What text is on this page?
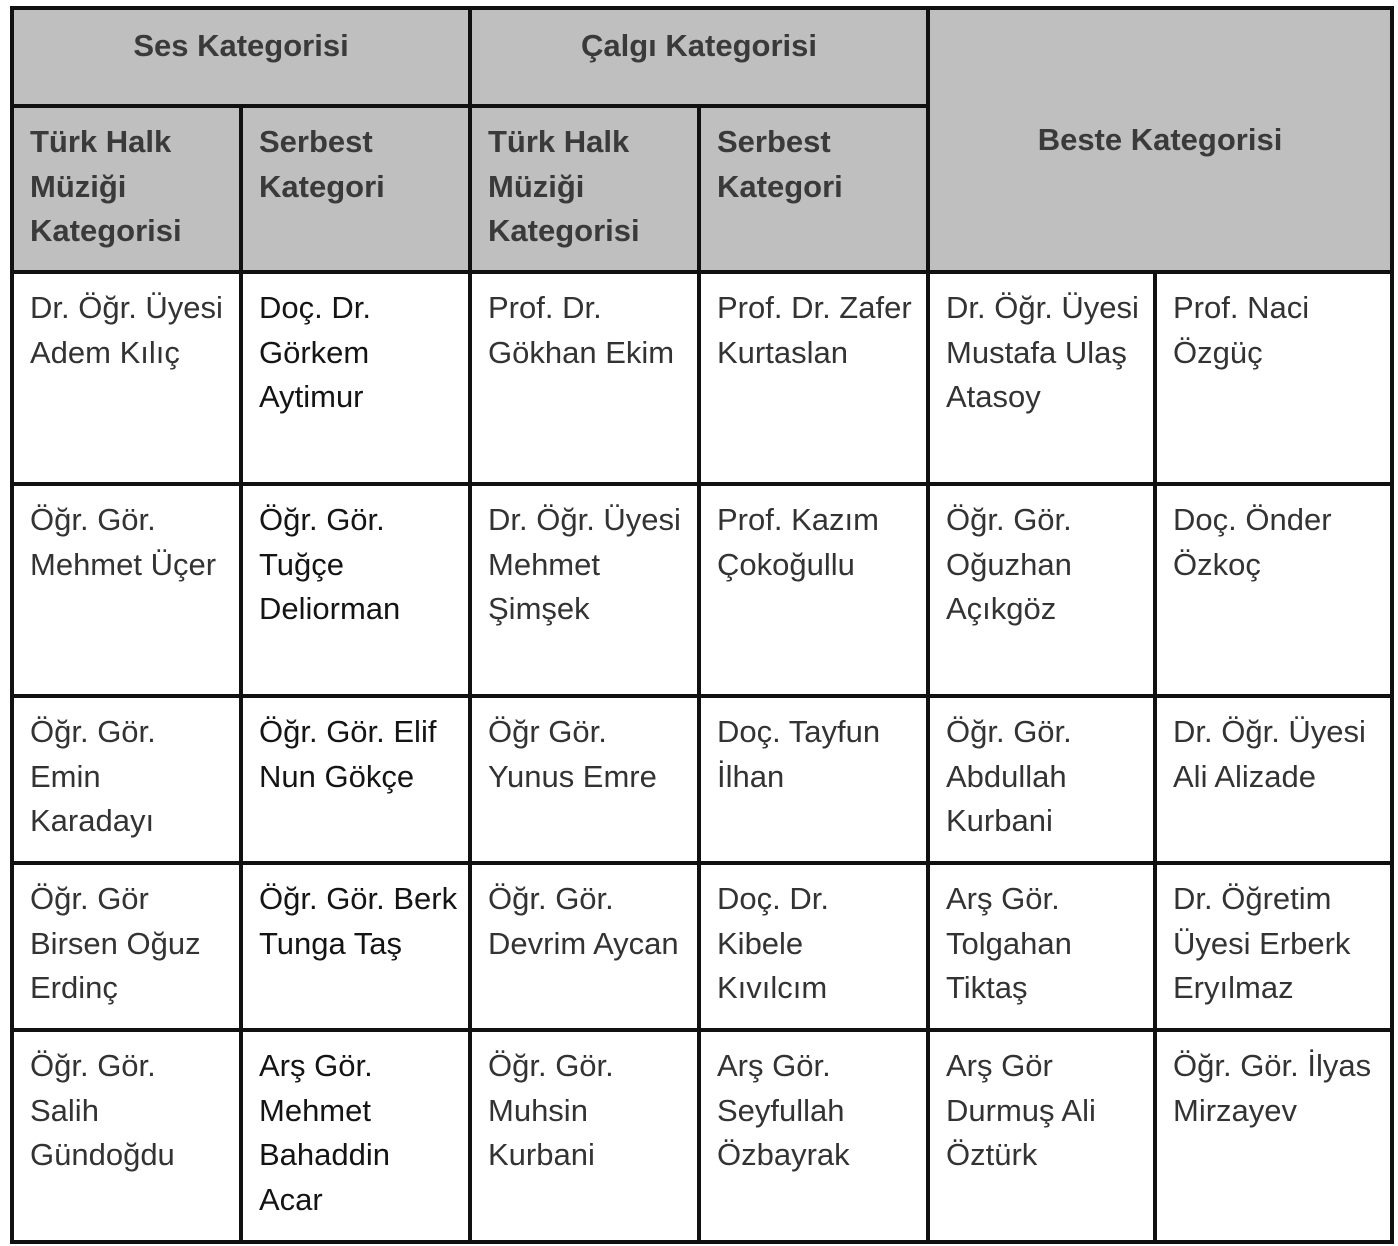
Ses Kategorisi		Çalgı Kategorisi		Beste Kategorisi	
Türk Halk Müziği Kategorisi	Serbest Kategori	Türk Halk Müziği Kategorisi	Serbest Kategori		
Dr. Öğr. Üyesi Adem Kılıç	Doç. Dr. Görkem Aytimur	Prof. Dr. Gökhan Ekim	Prof. Dr. Zafer Kurtaslan	Dr. Öğr. Üyesi Mustafa Ulaş Atasoy	Prof. Naci Özgüç
Öğr. Gör. Mehmet Üçer	Öğr. Gör. Tuğçe Deliorman	Dr. Öğr. Üyesi Mehmet Şimşek	Prof. Kazım Çokoğullu	Öğr. Gör. Oğuzhan Açıkgöz	Doç. Önder Özkoç
Öğr. Gör. Emin Karadayı	Öğr. Gör. Elif Nun Gökçe	Öğr Gör. Yunus Emre	Doç. Tayfun İlhan	Öğr. Gör. Abdullah Kurbani	Dr. Öğr. Üyesi Ali Alizade
Öğr. Gör Birsen Oğuz Erdinç	Öğr. Gör. Berk Tunga Taş	Öğr. Gör. Devrim Aycan	Doç. Dr. Kibele Kıvılcım	Arş Gör. Tolgahan Tiktaş	Dr. Öğretim Üyesi Erberk Eryılmaz
Öğr. Gör. Salih Gündoğdu	Arş Gör. Mehmet Bahaddin Acar	Öğr. Gör. Muhsin Kurbani	Arş Gör. Seyfullah Özbayrak	Arş Gör Durmuş Ali Öztürk	Öğr. Gör. İlyas Mirzayev
